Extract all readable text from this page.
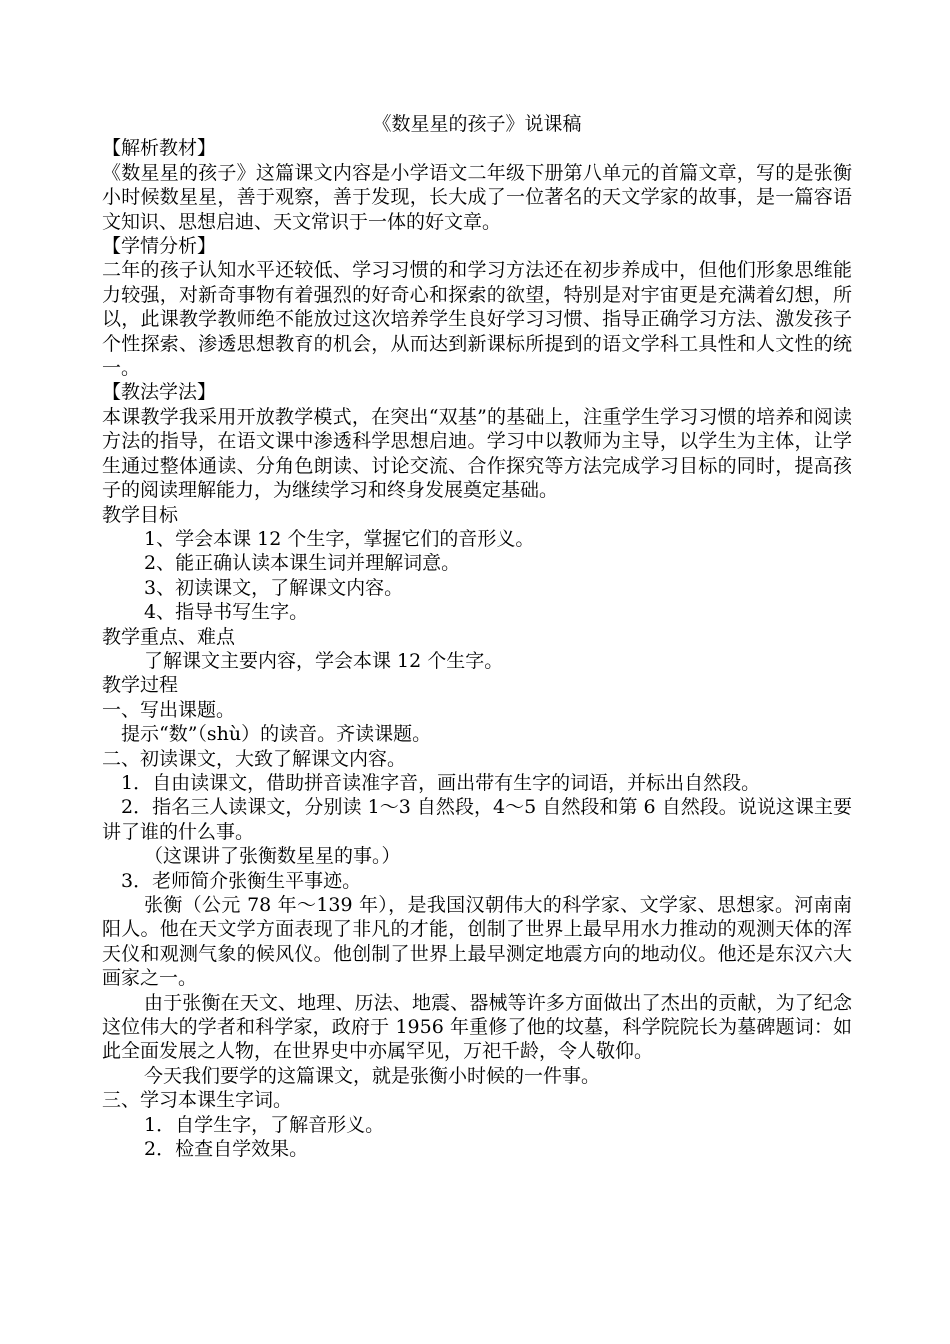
《数星星的孩子》说课稿

【解析教材】

《数星星的孩子》这篇课文内容是小学语文二年级下册第八单元的首篇文章，写的是张衡小时候数星星，善于观察，善于发现，长大成了一位著名的天文学家的故事，是一篇容语文知识、思想启迪、天文常识于一体的好文章。

【学情分析】

二年的孩子认知水平还较低、学习习惯的和学习方法还在初步养成中，但他们形象思维能力较强，对新奇事物有着强烈的好奇心和探索的欲望，特别是对宇宙更是充满着幻想，所以，此课教学教师绝不能放过这次培养学生良好学习习惯、指导正确学习方法、激发孩子个性探索、渗透思想教育的机会，从而达到新课标所提到的语文学科工具性和人文性的统一。

【教法学法】

本课教学我采用开放教学模式，在突出“双基”的基础上，注重学生学习习惯的培养和阅读方法的指导，在语文课中渗透科学思想启迪。学习中以教师为主导，以学生为主体，让学生通过整体通读、分角色朗读、讨论交流、合作探究等方法完成学习目标的同时，提高孩子的阅读理解能力，为继续学习和终身发展奠定基础。

教学目标

1、学会本课 12 个生字，掌握它们的音形义。

2、能正确认读本课生词并理解词意。

3、初读课文，了解课文内容。

4、指导书写生字。

教学重点、难点

了解课文主要内容，学会本课 12 个生字。

教学过程

一、写出课题。

提示“数”（shù）的读音。齐读课题。

二、初读课文，大致了解课文内容。

1．自由读课文，借助拼音读准字音，画出带有生字的词语，并标出自然段。

　2．指名三人读课文，分别读 1～3 自然段，4～5 自然段和第 6 自然段。说说这课主要讲了谁的什么事。

（这课讲了张衡数星星的事。）

3．老师简介张衡生平事迹。

张衡（公元 78 年～139 年），是我国汉朝伟大的科学家、文学家、思想家。河南南阳人。他在天文学方面表现了非凡的才能，创制了世界上最早用水力推动的观测天体的浑天仪和观测气象的候风仪。他创制了世界上最早测定地震方向的地动仪。他还是东汉六大画家之一。

由于张衡在天文、地理、历法、地震、器械等许多方面做出了杰出的贡献，为了纪念这位伟大的学者和科学家，政府于 1956 年重修了他的坟墓，科学院院长为墓碑题词：如此全面发展之人物，在世界史中亦属罕见，万祀千龄，令人敬仰。

今天我们要学的这篇课文，就是张衡小时候的一件事。

三、学习本课生字词。

1．自学生字，了解音形义。

2．检查自学效果。
